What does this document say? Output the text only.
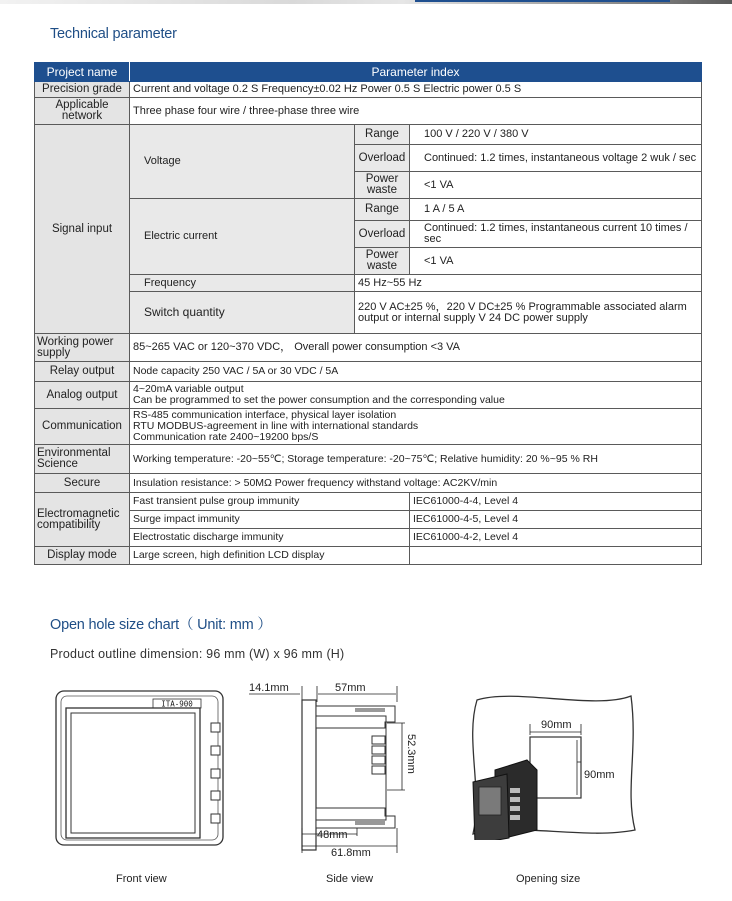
Technical parameter
Project name	Parameter index		
Precision grade	Current and voltage 0.2 S Frequency±0.02 Hz Power 0.5 S Electric power 0.5 S		
Applicable network	Three phase four wire / three-phase three wire		
Signal input	Voltage	Range	100 V / 220 V / 380 V
		Overload	Continued: 1.2 times, instantaneous voltage 2 wuk / sec
		Power waste	<1 VA
	Electric current	Range	1 A / 5 A
		Overload	Continued: 1.2 times, instantaneous current 10 times / sec
		Power waste	<1 VA
	Frequency	45 Hz~55 Hz	
	Switch quantity	220 V AC±25 %，220 V DC±25 % Programmable associated alarm output or internal supply V 24 DC power supply	
Working power supply	85~265 VAC or 120~370 VDC， Overall power consumption <3 VA		
Relay output	Node capacity 250 VAC / 5A or 30 VDC / 5A		
Analog output	4~20mA variable output
Can be programmed to set the power consumption and the corresponding value		

Communication	RS-485 communication interface, physical layer isolation
RTU MODBUS-agreement in line with international standards
Communication rate 2400~19200 bps/S		

Environmental Science	Working temperature: -20~55℃; Storage temperature: -20~75℃; Relative humidity: 20 %~95 % RH		
Secure	Insulation resistance: > 50MΩ Power frequency withstand voltage: AC2KV/min		
Electromagnetic compatibility	Fast transient pulse group immunity		IEC61000-4-4, Level 4
	Surge impact immunity		IEC61000-4-5, Level 4
	Electrostatic discharge immunity		IEC61000-4-2, Level 4
Display mode	Large screen, high definition LCD display		
Open hole size chart（ Unit: mm ）
Product outline dimension: 96 mm (W) x 96 mm (H)
ITA-900
Front view
14.1mm	57mm
52.3mm
48mm
61.8mm
Side view
90mm
90mm
Opening size
